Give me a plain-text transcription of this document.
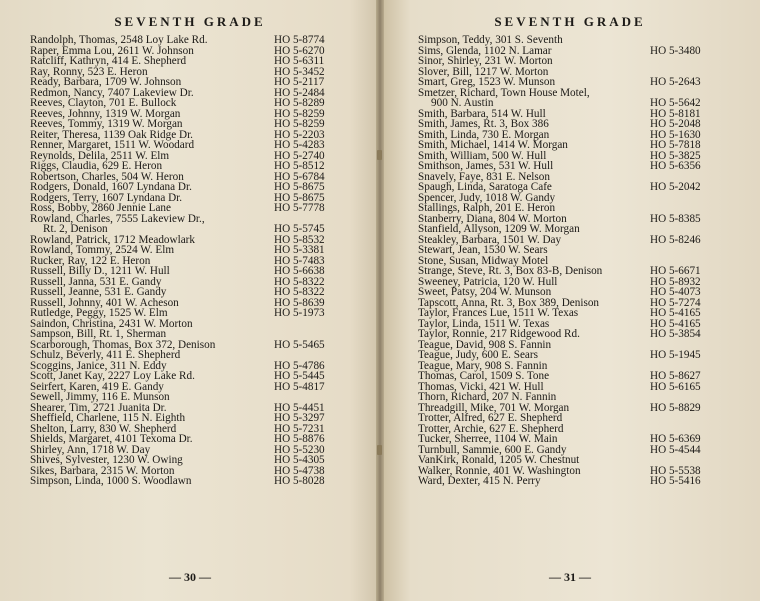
SEVENTH GRADE
Randolph, Thomas, 2548 Loy Lake Rd.	HO 5-8774
Raper, Emma Lou, 2611 W. Johnson	HO 5-6270
Ratcliff, Kathryn, 414 E. Shepherd	HO 5-6311
Ray, Ronny, 523 E. Heron	HO 5-3452
Ready, Barbara, 1709 W. Johnson	HO 5-2117
Redmon, Nancy, 7407 Lakeview Dr.	HO 5-2484
Reeves, Clayton, 701 E. Bullock	HO 5-8289
Reeves, Johnny, 1319 W. Morgan	HO 5-8259
Reeves, Tommy, 1319 W. Morgan	HO 5-8259
Reiter, Theresa, 1139 Oak Ridge Dr.	HO 5-2203
Renner, Margaret, 1511 W. Woodard	HO 5-4283
Reynolds, Delila, 2511 W. Elm	HO 5-2740
Riggs, Claudia, 629 E. Heron	HO 5-8512
Robertson, Charles, 504 W. Heron	HO 5-6784
Rodgers, Donald, 1607 Lyndana Dr.	HO 5-8675
Rodgers, Terry, 1607 Lyndana Dr.	HO 5-8675
Ross, Bobby, 2860 Jennie Lane	HO 5-7778
Rowland, Charles, 7555 Lakeview Dr.,
Rt. 2, Denison	HO 5-5745
Rowland, Patrick, 1712 Meadowlark	HO 5-8532
Rowland, Tommy, 2524 W. Elm	HO 5-3381
Rucker, Ray, 122 E. Heron	HO 5-7483
Russell, Billy D., 1211 W. Hull	HO 5-6638
Russell, Janna, 531 E. Gandy	HO 5-8322
Russell, Jeanne, 531 E. Gandy	HO 5-8322
Russell, Johnny, 401 W. Acheson	HO 5-8639
Rutledge, Peggy, 1525 W. Elm	HO 5-1973
Saindon, Christina, 2431 W. Morton
Sampson, Bill, Rt. 1, Sherman
Scarborough, Thomas, Box 372, Denison	HO 5-5465
Schulz, Beverly, 411 E. Shepherd
Scoggins, Janice, 311 N. Eddy	HO 5-4786
Scott, Janet Kay, 2227 Loy Lake Rd.	HO 5-5445
Seirfert, Karen, 419 E. Gandy	HO 5-4817
Sewell, Jimmy, 116 E. Munson
Shearer, Tim, 2721 Juanita Dr.	HO 5-4451
Sheffield, Charlene, 115 N. Eighth	HO 5-3297
Shelton, Larry, 830 W. Shepherd	HO 5-7231
Shields, Margaret, 4101 Texoma Dr.	HO 5-8876
Shirley, Ann, 1718 W. Day	HO 5-5230
Shives, Sylvester, 1230 W. Owing	HO 5-4305
Sikes, Barbara, 2315 W. Morton	HO 5-4738
Simpson, Linda, 1000 S. Woodlawn	HO 5-8028
— 30 —
SEVENTH GRADE
Simpson, Teddy, 301 S. Seventh
Sims, Glenda, 1102 N. Lamar	HO 5-3480
Sinor, Shirley, 231 W. Morton
Slover, Bill, 1217 W. Morton
Smart, Greg, 1523 W. Munson	HO 5-2643
Smetzer, Richard, Town House Motel,
900 N. Austin	HO 5-5642
Smith, Barbara, 514 W. Hull	HO 5-8181
Smith, James, Rt. 3, Box 386	HO 5-2048
Smith, Linda, 730 E. Morgan	HO 5-1630
Smith, Michael, 1414 W. Morgan	HO 5-7818
Smith, William, 500 W. Hull	HO 5-3825
Smithson, James, 531 W. Hull	HO 5-6356
Snavely, Faye, 831 E. Nelson
Spaugh, Linda, Saratoga Cafe	HO 5-2042
Spencer, Judy, 1018 W. Gandy
Stallings, Ralph, 201 E. Heron
Stanberry, Diana, 804 W. Morton	HO 5-8385
Stanfield, Allyson, 1209 W. Morgan
Steakley, Barbara, 1501 W. Day	HO 5-8246
Stewart, Jean, 1530 W. Sears
Stone, Susan, Midway Motel
Strange, Steve, Rt. 3, Box 83-B, Denison	HO 5-6671
Sweeney, Patricia, 120 W. Hull	HO 5-8932
Sweet, Patsy, 204 W. Munson	HO 5-4073
Tapscott, Anna, Rt. 3, Box 389, Denison	HO 5-7274
Taylor, Frances Lue, 1511 W. Texas	HO 5-4165
Taylor, Linda, 1511 W. Texas	HO 5-4165
Taylor, Ronnie, 217 Ridgewood Rd.	HO 5-3854
Teague, David, 908 S. Fannin
Teague, Judy, 600 E. Sears	HO 5-1945
Teague, Mary, 908 S. Fannin
Thomas, Carol, 1509 S. Tone	HO 5-8627
Thomas, Vicki, 421 W. Hull	HO 5-6165
Thorn, Richard, 207 N. Fannin
Threadgill, Mike, 701 W. Morgan	HO 5-8829
Trotter, Alfred, 627 E. Shepherd
Trotter, Archie, 627 E. Shepherd
Tucker, Sherree, 1104 W. Main	HO 5-6369
Turnbull, Sammie, 600 E. Gandy	HO 5-4544
VanKirk, Ronald, 1205 W. Chestnut
Walker, Ronnie, 401 W. Washington	HO 5-5538
Ward, Dexter, 415 N. Perry	HO 5-5416
— 31 —
